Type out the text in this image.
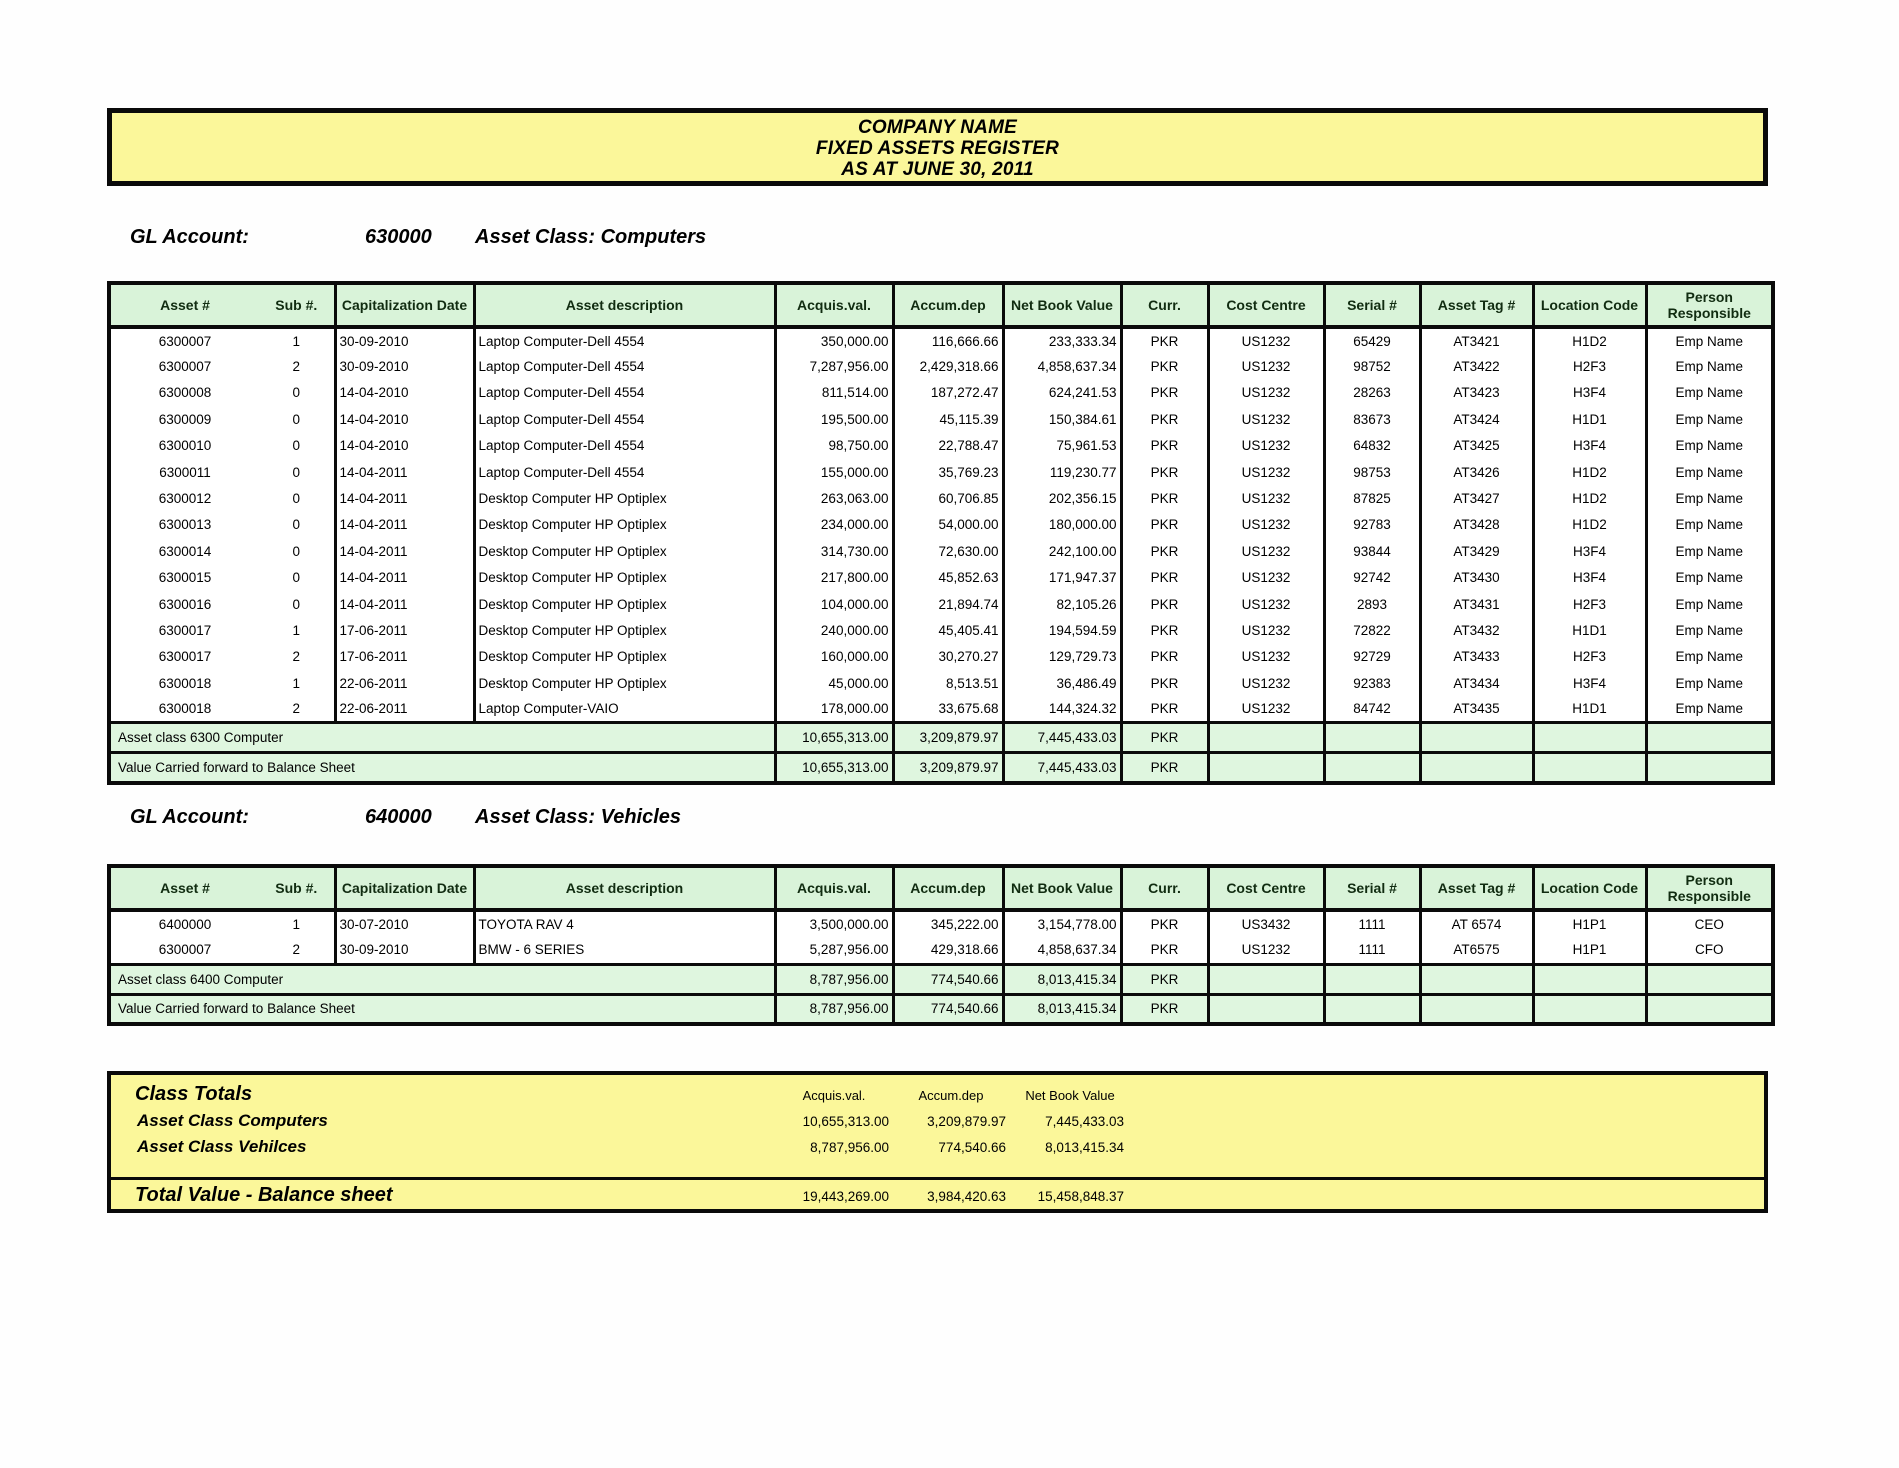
COMPANY NAME
FIXED ASSETS REGISTER
AS AT JUNE 30, 2011
GL Account:	630000 Asset Class: Computers
Asset #	Sub #.	Capitalization Date	Asset description	Acquis.val.	Accum.dep	Net Book Value	Curr.	Cost Centre	Serial #	Asset Tag #	Location Code	Person Responsible
6300007	1	30-09-2010	Laptop Computer-Dell 4554	350,000.00	116,666.66	233,333.34	PKR	US1232	65429	AT3421	H1D2	Emp Name
6300007	2	30-09-2010	Laptop Computer-Dell 4554	7,287,956.00	2,429,318.66	4,858,637.34	PKR	US1232	98752	AT3422	H2F3	Emp Name
6300008	0	14-04-2010	Laptop Computer-Dell 4554	811,514.00	187,272.47	624,241.53	PKR	US1232	28263	AT3423	H3F4	Emp Name
6300009	0	14-04-2010	Laptop Computer-Dell 4554	195,500.00	45,115.39	150,384.61	PKR	US1232	83673	AT3424	H1D1	Emp Name
6300010	0	14-04-2010	Laptop Computer-Dell 4554	98,750.00	22,788.47	75,961.53	PKR	US1232	64832	AT3425	H3F4	Emp Name
6300011	0	14-04-2011	Laptop Computer-Dell 4554	155,000.00	35,769.23	119,230.77	PKR	US1232	98753	AT3426	H1D2	Emp Name
6300012	0	14-04-2011	Desktop Computer HP Optiplex	263,063.00	60,706.85	202,356.15	PKR	US1232	87825	AT3427	H1D2	Emp Name
6300013	0	14-04-2011	Desktop Computer HP Optiplex	234,000.00	54,000.00	180,000.00	PKR	US1232	92783	AT3428	H1D2	Emp Name
6300014	0	14-04-2011	Desktop Computer HP Optiplex	314,730.00	72,630.00	242,100.00	PKR	US1232	93844	AT3429	H3F4	Emp Name
6300015	0	14-04-2011	Desktop Computer HP Optiplex	217,800.00	45,852.63	171,947.37	PKR	US1232	92742	AT3430	H3F4	Emp Name
6300016	0	14-04-2011	Desktop Computer HP Optiplex	104,000.00	21,894.74	82,105.26	PKR	US1232	2893	AT3431	H2F3	Emp Name
6300017	1	17-06-2011	Desktop Computer HP Optiplex	240,000.00	45,405.41	194,594.59	PKR	US1232	72822	AT3432	H1D1	Emp Name
6300017	2	17-06-2011	Desktop Computer HP Optiplex	160,000.00	30,270.27	129,729.73	PKR	US1232	92729	AT3433	H2F3	Emp Name
6300018	1	22-06-2011	Desktop Computer HP Optiplex	45,000.00	8,513.51	36,486.49	PKR	US1232	92383	AT3434	H3F4	Emp Name
6300018	2	22-06-2011	Laptop Computer-VAIO	178,000.00	33,675.68	144,324.32	PKR	US1232	84742	AT3435	H1D1	Emp Name
Asset class 6300 Computer				10,655,313.00	3,209,879.97	7,445,433.03	PKR					
Value Carried forward to Balance Sheet				10,655,313.00	3,209,879.97	7,445,433.03	PKR					
GL Account:	640000 Asset Class: Vehicles
Asset #	Sub #.	Capitalization Date	Asset description	Acquis.val.	Accum.dep	Net Book Value	Curr.	Cost Centre	Serial #	Asset Tag #	Location Code	Person Responsible
6400000	1	30-07-2010	TOYOTA RAV 4	3,500,000.00	345,222.00	3,154,778.00	PKR	US3432	1111	AT 6574	H1P1	CEO
6300007	2	30-09-2010	BMW - 6 SERIES	5,287,956.00	429,318.66	4,858,637.34	PKR	US1232	1111	AT6575	H1P1	CFO
Asset class 6400 Computer				8,787,956.00	774,540.66	8,013,415.34	PKR					
Value Carried forward to Balance Sheet				8,787,956.00	774,540.66	8,013,415.34	PKR					
Class Totals	Acquis.val.	Accum.dep	Net Book Value
Asset Class Computers	10,655,313.00	3,209,879.97	7,445,433.03
Asset Class Vehilces	8,787,956.00	774,540.66	8,013,415.34
Total Value - Balance sheet	19,443,269.00	3,984,420.63	15,458,848.37
